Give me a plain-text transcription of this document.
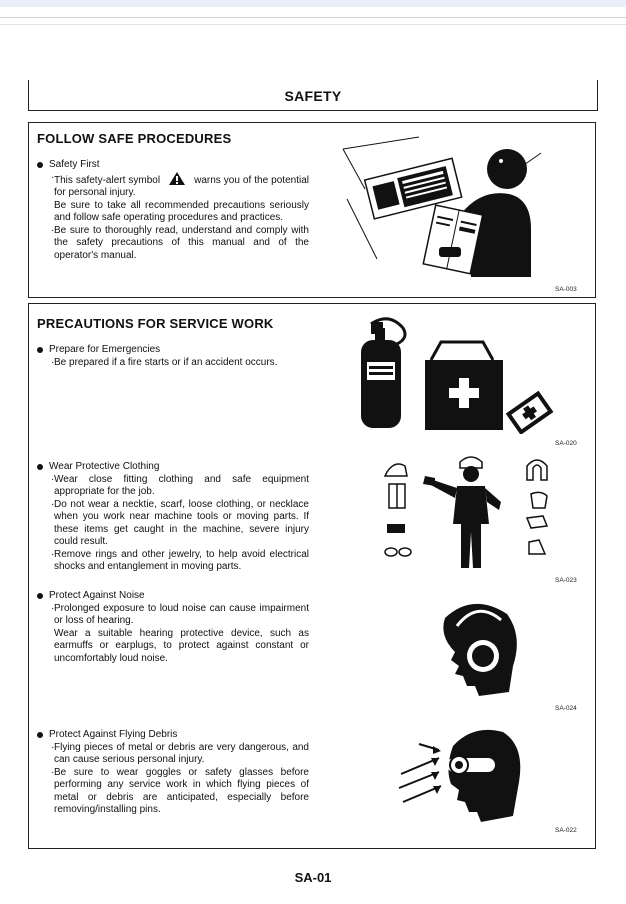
SAFETY
FOLLOW SAFE PROCEDURES
Safety First
· This safety-alert symbol	warns you of the potential for personal injury.
Be sure to take all recommended precautions seriously and follow safe operating procedures and practices.
· Be sure to thoroughly read, understand and comply with the safety precautions of this manual and of the operator's manual.
SA-003
PRECAUTIONS FOR SERVICE WORK
Prepare for Emergencies
· Be prepared if a fire starts or if an accident occurs.
SA-020
Wear Protective Clothing
· Wear close fitting clothing and safe equipment appropriate for the job.
· Do not wear a necktie, scarf, loose clothing, or necklace when you work near machine tools or moving parts. If these items get caught in the machine, severe injury could result.
· Remove rings and other jewelry, to help avoid electrical shocks and entanglement in moving parts.
SA-023
Protect Against Noise
· Prolonged exposure to loud noise can cause impairment or loss of hearing.
Wear a suitable hearing protective device, such as earmuffs or earplugs, to protect against constant or uncomfortably loud noise.
SA-024
Protect Against Flying Debris
· Flying pieces of metal or debris are very dangerous, and can cause serious personal injury.
· Be sure to wear goggles or safety glasses before performing any service work in which flying pieces of metal or debris are anticipated, especially before removing/installing pins.
SA-022
SA-01
